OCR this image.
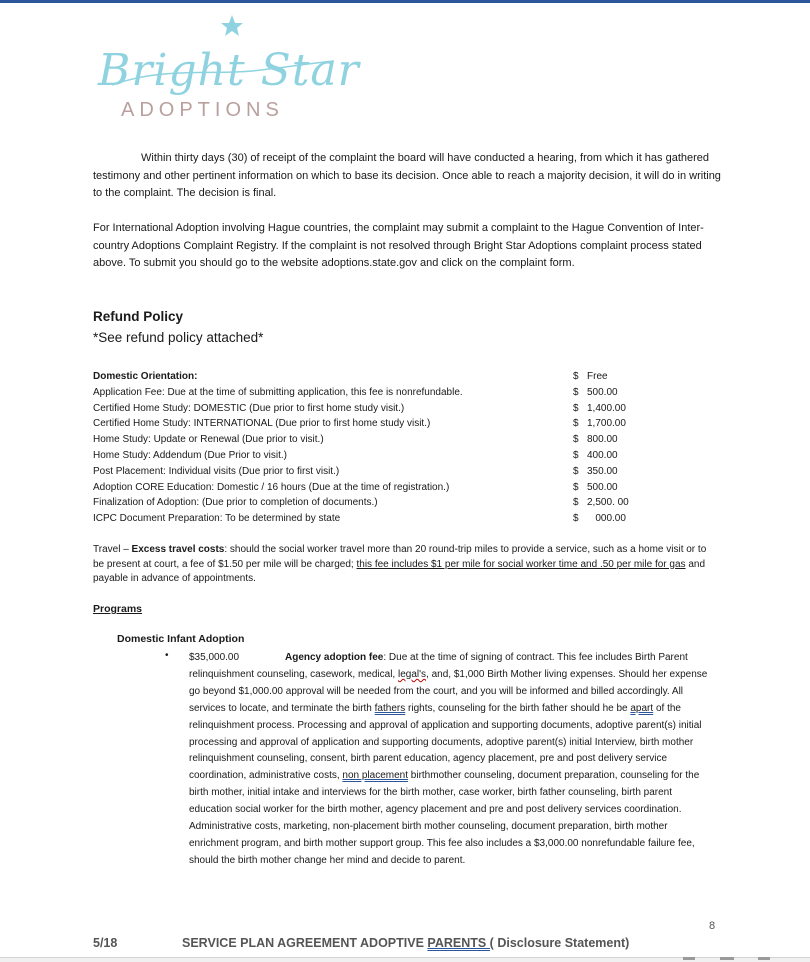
Bright Star
ADOPTIONS

Within thirty days (30) of receipt of the complaint the board will have conducted a hearing, from which it has gathered testimony and other pertinent information on which to base its decision. Once able to reach a majority decision, it will do in writing to the complaint. The decision is final.

For International Adoption involving Hague countries, the complaint may submit a complaint to the Hague Convention of Inter-country Adoptions Complaint Registry. If the complaint is not resolved through Bright Star Adoptions complaint process stated above. To submit you should go to the website adoptions.state.gov and click on the complaint form.

Refund Policy
*See refund policy attached*
Domestic Orientation:	$ Free
Application Fee: Due at the time of submitting application, this fee is nonrefundable.	$ 500.00
Certified Home Study: DOMESTIC (Due prior to first home study visit.)	$ 1,400.00
Certified Home Study: INTERNATIONAL (Due prior to first home study visit.)	$ 1,700.00
Home Study: Update or Renewal (Due prior to visit.)	$ 800.00
Home Study: Addendum (Due Prior to visit.)	$ 400.00
Post Placement: Individual visits (Due prior to first visit.)	$ 350.00
Adoption CORE Education: Domestic / 16 hours (Due at the time of registration.)	$ 500.00
Finalization of Adoption: (Due prior to completion of documents.)	$ 2,500. 00
ICPC Document Preparation: To be determined by state	$ 000.00
Travel – Excess travel costs: should the social worker travel more than 20 round-trip miles to provide a service, such as a home visit or to be present at court, a fee of $1.50 per mile will be charged; this fee includes $1 per mile for social worker time and .50 per mile for gas and payable in advance of appointments.
Programs
Domestic Infant Adoption
• $35,000.00	Agency adoption fee: Due at the time of signing of contract. This fee includes Birth Parent relinquishment counseling, casework, medical, legal's, and, $1,000 Birth Mother living expenses. Should her expense go beyond $1,000.00 approval will be needed from the court, and you will be informed and billed accordingly. All services to locate, and terminate the birth fathers rights, counseling for the birth father should he be apart of the relinquishment process. Processing and approval of application and supporting documents, adoptive parent(s) initial processing and approval of application and supporting documents, adoptive parent(s) initial Interview, birth mother relinquishment counseling, consent, birth parent education, agency placement, pre and post delivery service coordination, administrative costs, non placement birthmother counseling, document preparation, counseling for the birth mother, initial intake and interviews for the birth mother, case worker, birth father counseling, birth parent education social worker for the birth mother, agency placement and pre and post delivery services coordination. Administrative costs, marketing, non-placement birth mother counseling, document preparation, birth mother enrichment program, and birth mother support group. This fee also includes a $3,000.00 nonrefundable failure fee, should the birth mother change her mind and decide to parent.
8
5/18	SERVICE PLAN AGREEMENT ADOPTIVE PARENTS ( Disclosure Statement)
